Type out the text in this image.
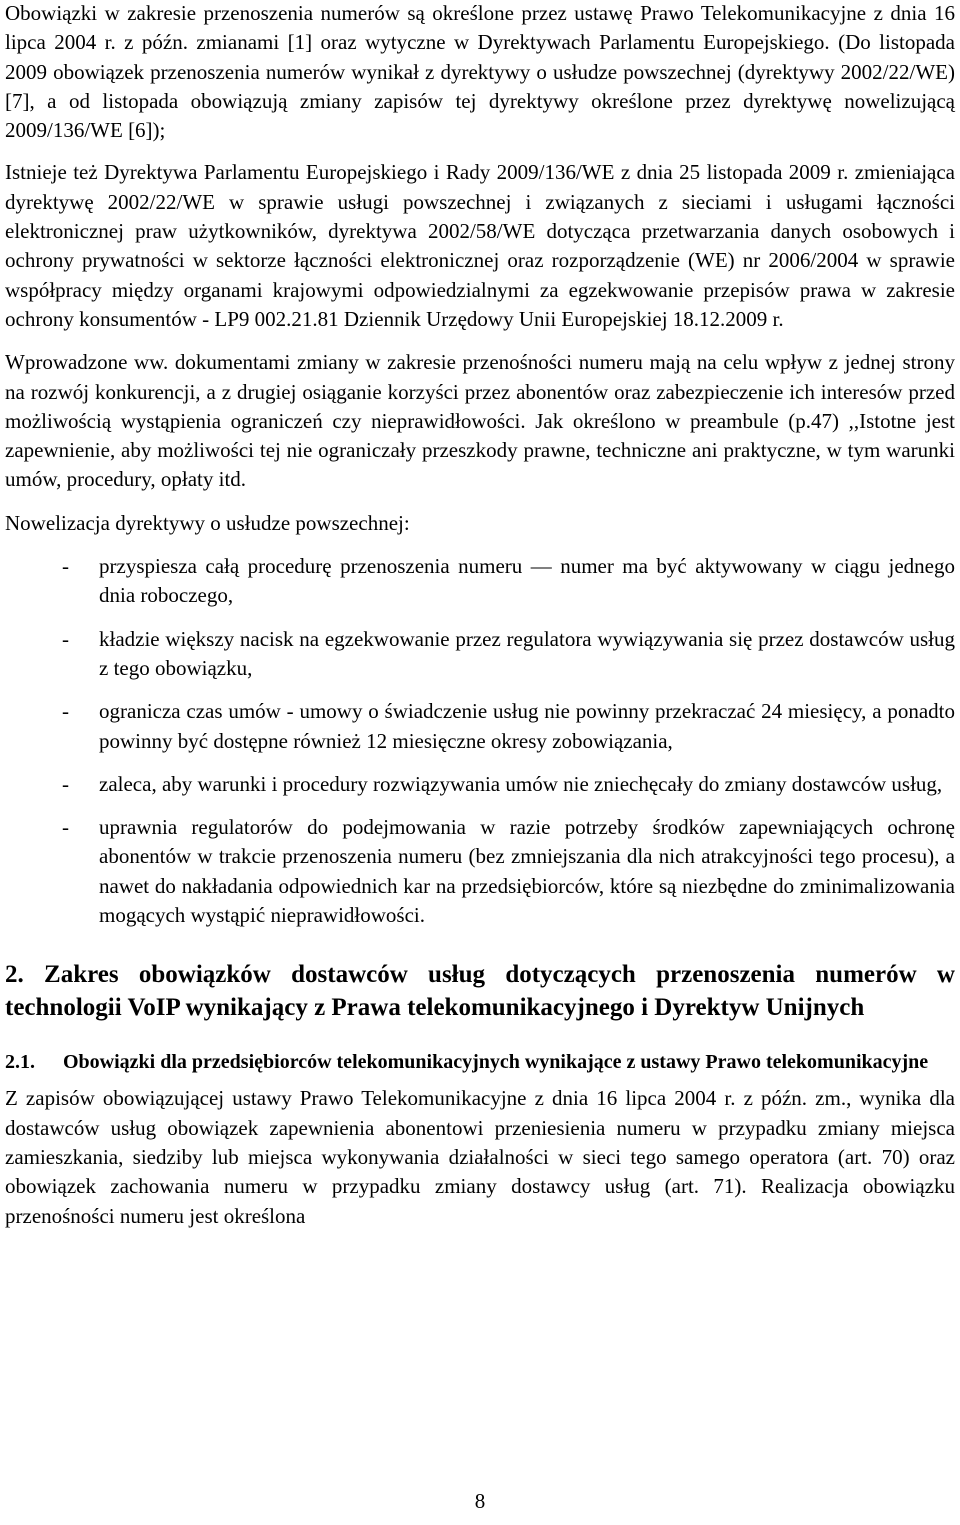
Obowiązki w zakresie przenoszenia numerów są określone przez ustawę Prawo Telekomunikacyjne z dnia 16 lipca 2004 r. z późn. zmianami [1] oraz wytyczne w Dyrektywach Parlamentu Europejskiego. (Do listopada 2009 obowiązek przenoszenia numerów wynikał z dyrektywy o usłudze powszechnej (dyrektywy 2002/22/WE) [7], a od listopada obowiązują zmiany zapisów tej dyrektywy określone przez dyrektywę nowelizującą 2009/136/WE [6]);

Istnieje też Dyrektywa Parlamentu Europejskiego i Rady 2009/136/WE z dnia 25 listopada 2009 r. zmieniająca dyrektywę 2002/22/WE w sprawie usługi powszechnej i związanych z sieciami i usługami łączności elektronicznej praw użytkowników, dyrektywa 2002/58/WE dotycząca przetwarzania danych osobowych i ochrony prywatności w sektorze łączności elektronicznej oraz rozporządzenie (WE) nr 2006/2004 w sprawie współpracy między organami krajowymi odpowiedzialnymi za egzekwowanie przepisów prawa w zakresie ochrony konsumentów - LP9 002.21.81 Dziennik Urzędowy Unii Europejskiej 18.12.2009 r.

Wprowadzone ww. dokumentami zmiany w zakresie przenośności numeru mają na celu wpływ z jednej strony na rozwój konkurencji, a z drugiej osiąganie korzyści przez abonentów oraz zabezpieczenie ich interesów przed możliwością wystąpienia ograniczeń czy nieprawidłowości. Jak określono w preambule (p.47) ,,Istotne jest zapewnienie, aby możliwości tej nie ograniczały przeszkody prawne, techniczne ani praktyczne, w tym warunki umów, procedury, opłaty itd.

Nowelizacja dyrektywy o usłudze powszechnej:

- przyspiesza całą procedurę przenoszenia numeru — numer ma być aktywowany w ciągu jednego dnia roboczego,
- kładzie większy nacisk na egzekwowanie przez regulatora wywiązywania się przez dostawców usług z tego obowiązku,
- ogranicza czas umów - umowy o świadczenie usług nie powinny przekraczać 24 miesięcy, a ponadto powinny być dostępne również 12 miesięczne okresy zobowiązania,
- zaleca, aby warunki i procedury rozwiązywania umów nie zniechęcały do zmiany dostawców usług,
- uprawnia regulatorów do podejmowania w razie potrzeby środków zapewniających ochronę abonentów w trakcie przenoszenia numeru (bez zmniejszania dla nich atrakcyjności tego procesu), a nawet do nakładania odpowiednich kar na przedsiębiorców, które są niezbędne do zminimalizowania mogących wystąpić nieprawidłowości.
2. Zakres obowiązków dostawców usług dotyczących przenoszenia numerów w technologii VoIP wynikający z Prawa telekomunikacyjnego i Dyrektyw Unijnych
2.1. Obowiązki dla przedsiębiorców telekomunikacyjnych wynikające z ustawy Prawo telekomunikacyjne

Z zapisów obowiązującej ustawy Prawo Telekomunikacyjne z dnia 16 lipca 2004 r. z późn. zm., wynika dla dostawców usług obowiązek zapewnienia abonentowi przeniesienia numeru w przypadku zmiany miejsca zamieszkania, siedziby lub miejsca wykonywania działalności w sieci tego samego operatora (art. 70) oraz obowiązek zachowania numeru w przypadku zmiany dostawcy usług (art. 71). Realizacja obowiązku przenośności numeru jest określona

8
